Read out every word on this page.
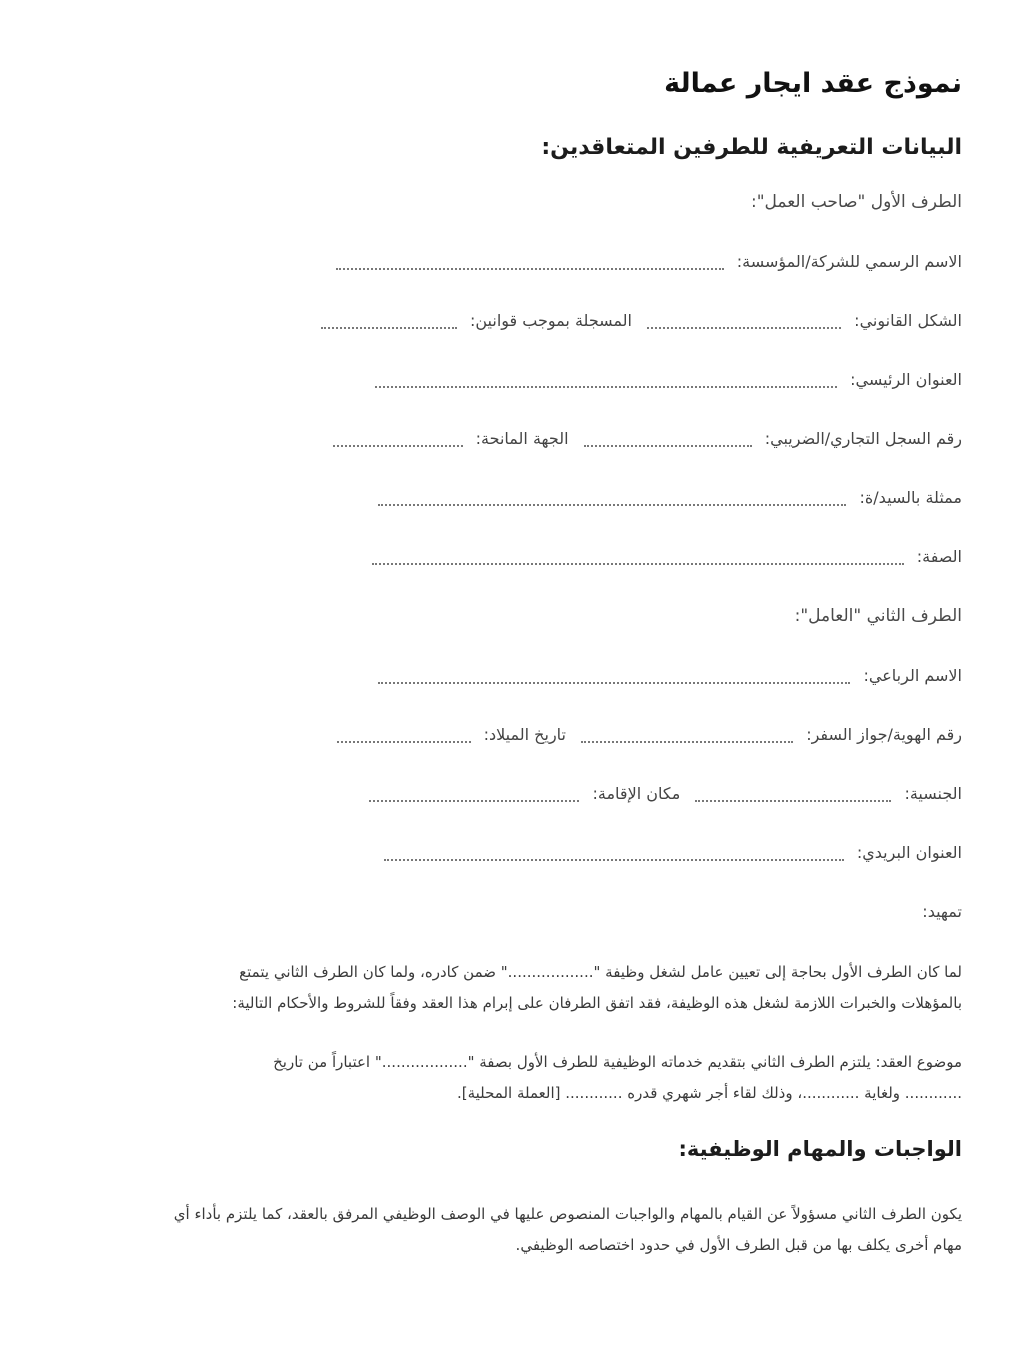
نموذج عقد ايجار عمالة
البيانات التعريفية للطرفين المتعاقدين:
الطرف الأول "صاحب العمل":
الاسم الرسمي للشركة/المؤسسة:
الشكل القانوني:  المسجلة بموجب قوانين:
العنوان الرئيسي:
رقم السجل التجاري/الضريبي:  الجهة المانحة:
ممثلة بالسيد/ة:
الصفة:
الطرف الثاني "العامل":
الاسم الرباعي:
رقم الهوية/جواز السفر:  تاريخ الميلاد:
الجنسية:  مكان الإقامة:
العنوان البريدي:
تمهيد:
لما كان الطرف الأول بحاجة إلى تعيين عامل لشغل وظيفة ".................." ضمن كادره، ولما كان الطرف الثاني يتمتع
بالمؤهلات والخبرات اللازمة لشغل هذه الوظيفة، فقد اتفق الطرفان على إبرام هذا العقد وفقاً للشروط والأحكام التالية:
موضوع العقد: يلتزم الطرف الثاني بتقديم خدماته الوظيفية للطرف الأول بصفة ".................." اعتباراً من تاريخ
............ ولغاية ............، وذلك لقاء أجر شهري قدره ............ [العملة المحلية].
الواجبات والمهام الوظيفية:
يكون الطرف الثاني مسؤولاً عن القيام بالمهام والواجبات المنصوص عليها في الوصف الوظيفي المرفق بالعقد، كما يلتزم بأداء أي
مهام أخرى يكلف بها من قبل الطرف الأول في حدود اختصاصه الوظيفي.
